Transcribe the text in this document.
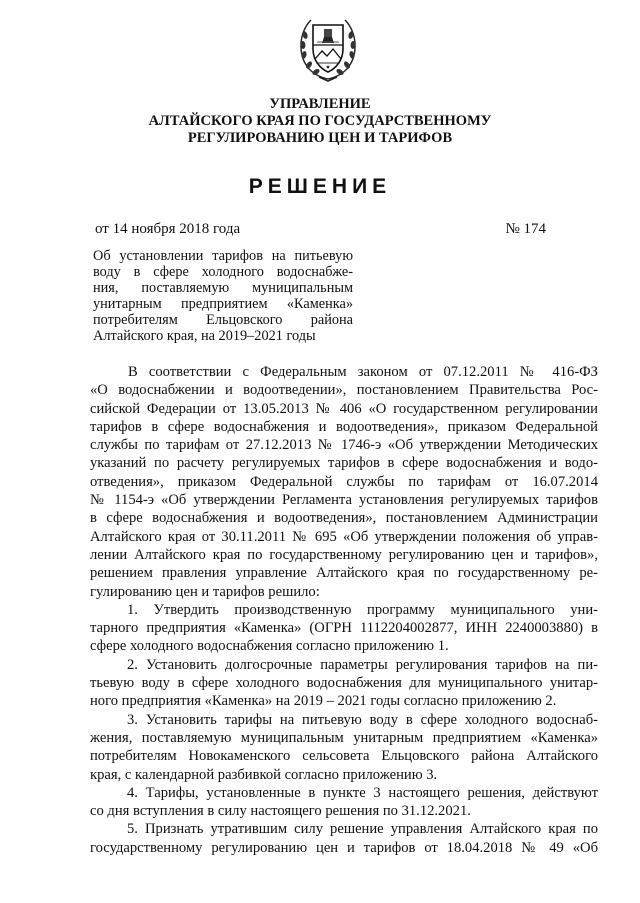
УПРАВЛЕНИЕ
АЛТАЙСКОГО КРАЯ ПО ГОСУДАРСТВЕННОМУ
РЕГУЛИРОВАНИЮ ЦЕН И ТАРИФОВ
РЕШЕНИЕ
от 14 ноября 2018 года	№ 174
Об установлении тарифов на питьевую
воду в сфере холодного водоснабже-
ния, поставляемую муниципальным
унитарным предприятием «Каменка»
потребителям Ельцовского района
Алтайского края, на 2019–2021 годы
В соответствии с Федеральным законом от 07.12.2011 № 416-ФЗ
«О водоснабжении и водоотведении», постановлением Правительства Рос-
сийской Федерации от 13.05.2013 № 406 «О государственном регулировании
тарифов в сфере водоснабжения и водоотведения», приказом Федеральной
службы по тарифам от 27.12.2013 № 1746-э «Об утверждении Методических
указаний по расчету регулируемых тарифов в сфере водоснабжения и водо-
отведения», приказом Федеральной службы по тарифам от 16.07.2014
№ 1154-э «Об утверждении Регламента установления регулируемых тарифов
в сфере водоснабжения и водоотведения», постановлением Администрации
Алтайского края от 30.11.2011 № 695 «Об утверждении положения об управ-
лении Алтайского края по государственному регулированию цен и тарифов»,
решением правления управление Алтайского края по государственному ре-
гулированию цен и тарифов решило:
1. Утвердить производственную программу муниципального уни-
тарного предприятия «Каменка» (ОГРН 1112204002877, ИНН 2240003880) в
сфере холодного водоснабжения согласно приложению 1.
2. Установить долгосрочные параметры регулирования тарифов на пи-
тьевую воду в сфере холодного водоснабжения для муниципального унитар-
ного предприятия «Каменка» на 2019 – 2021 годы согласно приложению 2.
3. Установить тарифы на питьевую воду в сфере холодного водоснаб-
жения, поставляемую муниципальным унитарным предприятием «Каменка»
потребителям Новокаменского сельсовета Ельцовского района Алтайского
края, с календарной разбивкой согласно приложению 3.
4. Тарифы, установленные в пункте 3 настоящего решения, действуют
со дня вступления в силу настоящего решения по 31.12.2021.
5. Признать утратившим силу решение управления Алтайского края по
государственному регулированию цен и тарифов от 18.04.2018 № 49 «Об
